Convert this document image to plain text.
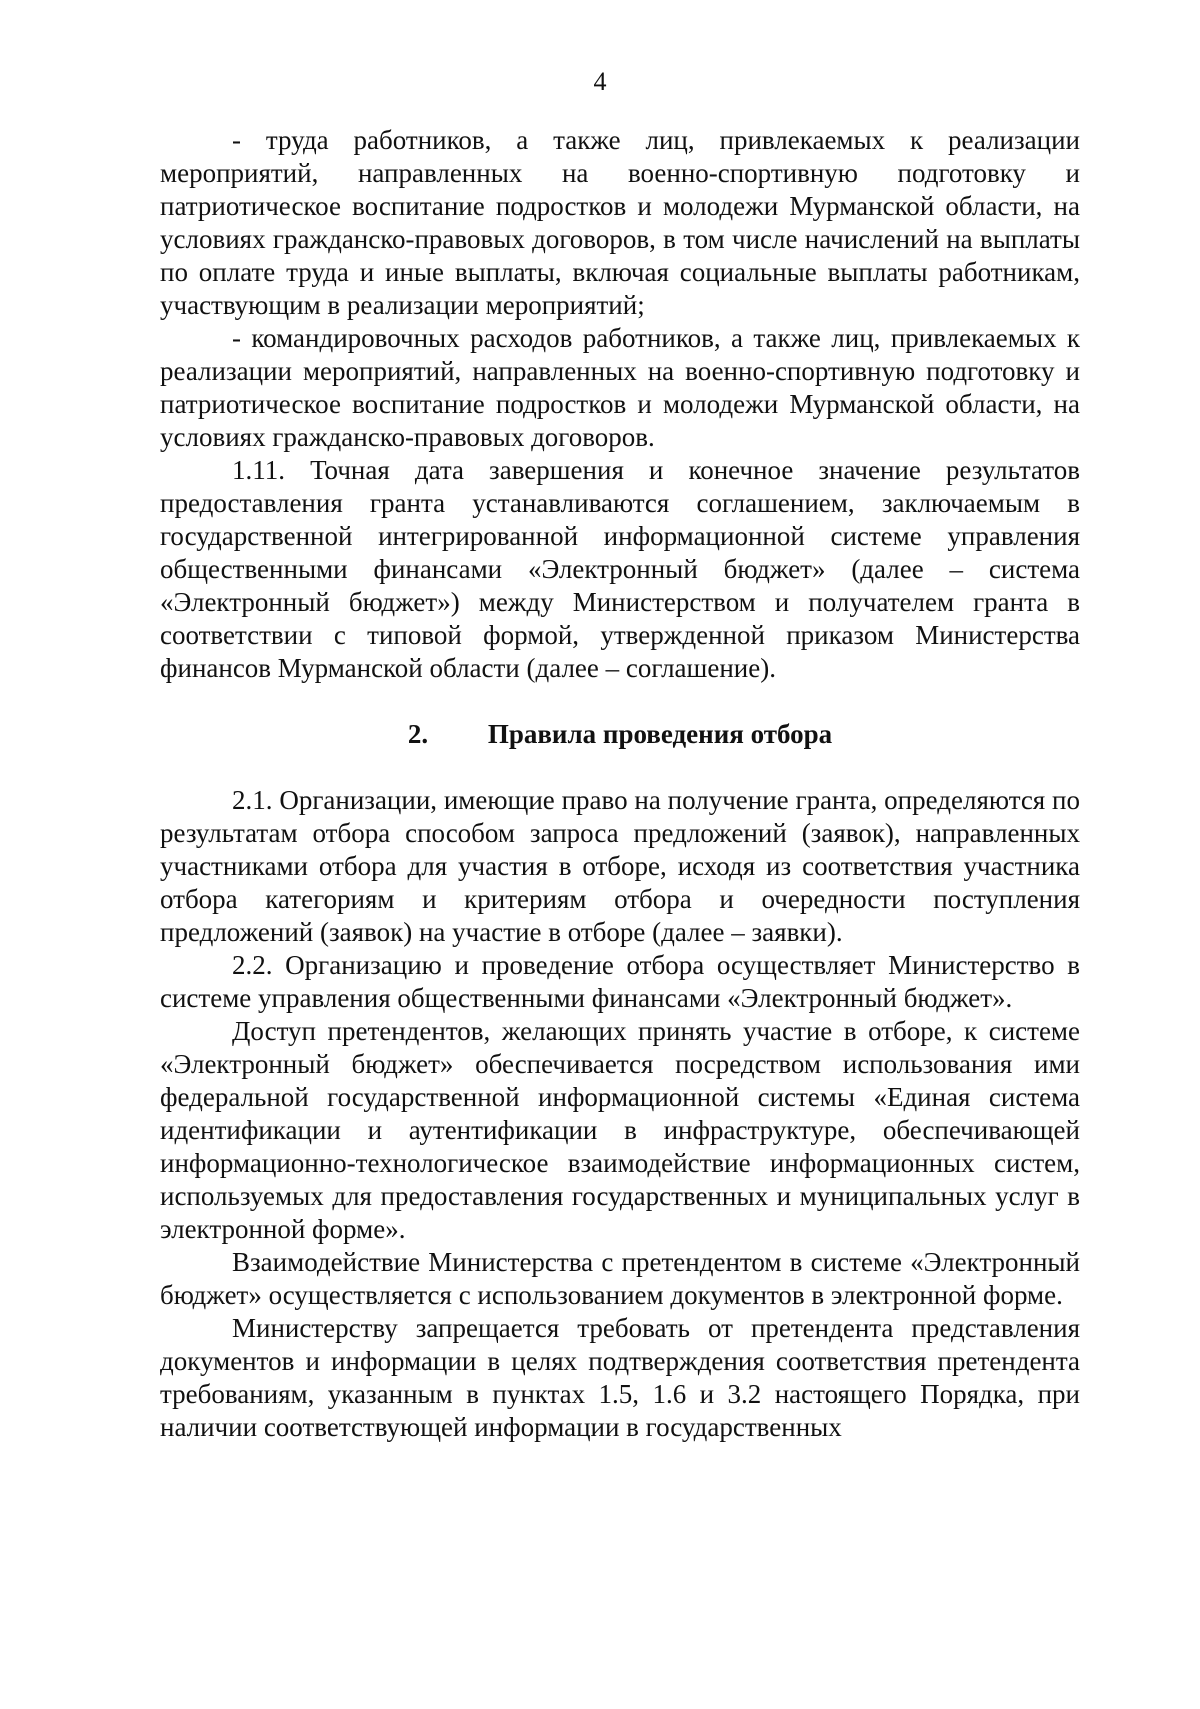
4

- труда работников, а также лиц, привлекаемых к реализации мероприятий, направленных на военно-спортивную подготовку и патриотическое воспитание подростков и молодежи Мурманской области, на условиях гражданско-правовых договоров, в том числе начислений на выплаты по оплате труда и иные выплаты, включая социальные выплаты работникам, участвующим в реализации мероприятий;

- командировочных расходов работников, а также лиц, привлекаемых к реализации мероприятий, направленных на военно-спортивную подготовку и патриотическое воспитание подростков и молодежи Мурманской области, на условиях гражданско-правовых договоров.

1.11. Точная дата завершения и конечное значение результатов предоставления гранта устанавливаются соглашением, заключаемым в государственной интегрированной информационной системе управления общественными финансами «Электронный бюджет» (далее – система «Электронный бюджет») между Министерством и получателем гранта в соответствии с типовой формой, утвержденной приказом Министерства финансов Мурманской области (далее – соглашение).

2.	Правила проведения отбора

2.1. Организации, имеющие право на получение гранта, определяются по результатам отбора способом запроса предложений (заявок), направленных участниками отбора для участия в отборе, исходя из соответствия участника отбора категориям и критериям отбора и очередности поступления предложений (заявок) на участие в отборе (далее – заявки).

2.2. Организацию и проведение отбора осуществляет Министерство в системе управления общественными финансами «Электронный бюджет».

Доступ претендентов, желающих принять участие в отборе, к системе «Электронный бюджет» обеспечивается посредством использования ими федеральной государственной информационной системы «Единая система идентификации и аутентификации в инфраструктуре, обеспечивающей информационно-технологическое взаимодействие информационных систем, используемых для предоставления государственных и муниципальных услуг в электронной форме».

Взаимодействие Министерства с претендентом в системе «Электронный бюджет» осуществляется с использованием документов в электронной форме.

Министерству запрещается требовать от претендента представления документов и информации в целях подтверждения соответствия претендента требованиям, указанным в пунктах 1.5, 1.6 и 3.2 настоящего Порядка, при наличии соответствующей информации в государственных
